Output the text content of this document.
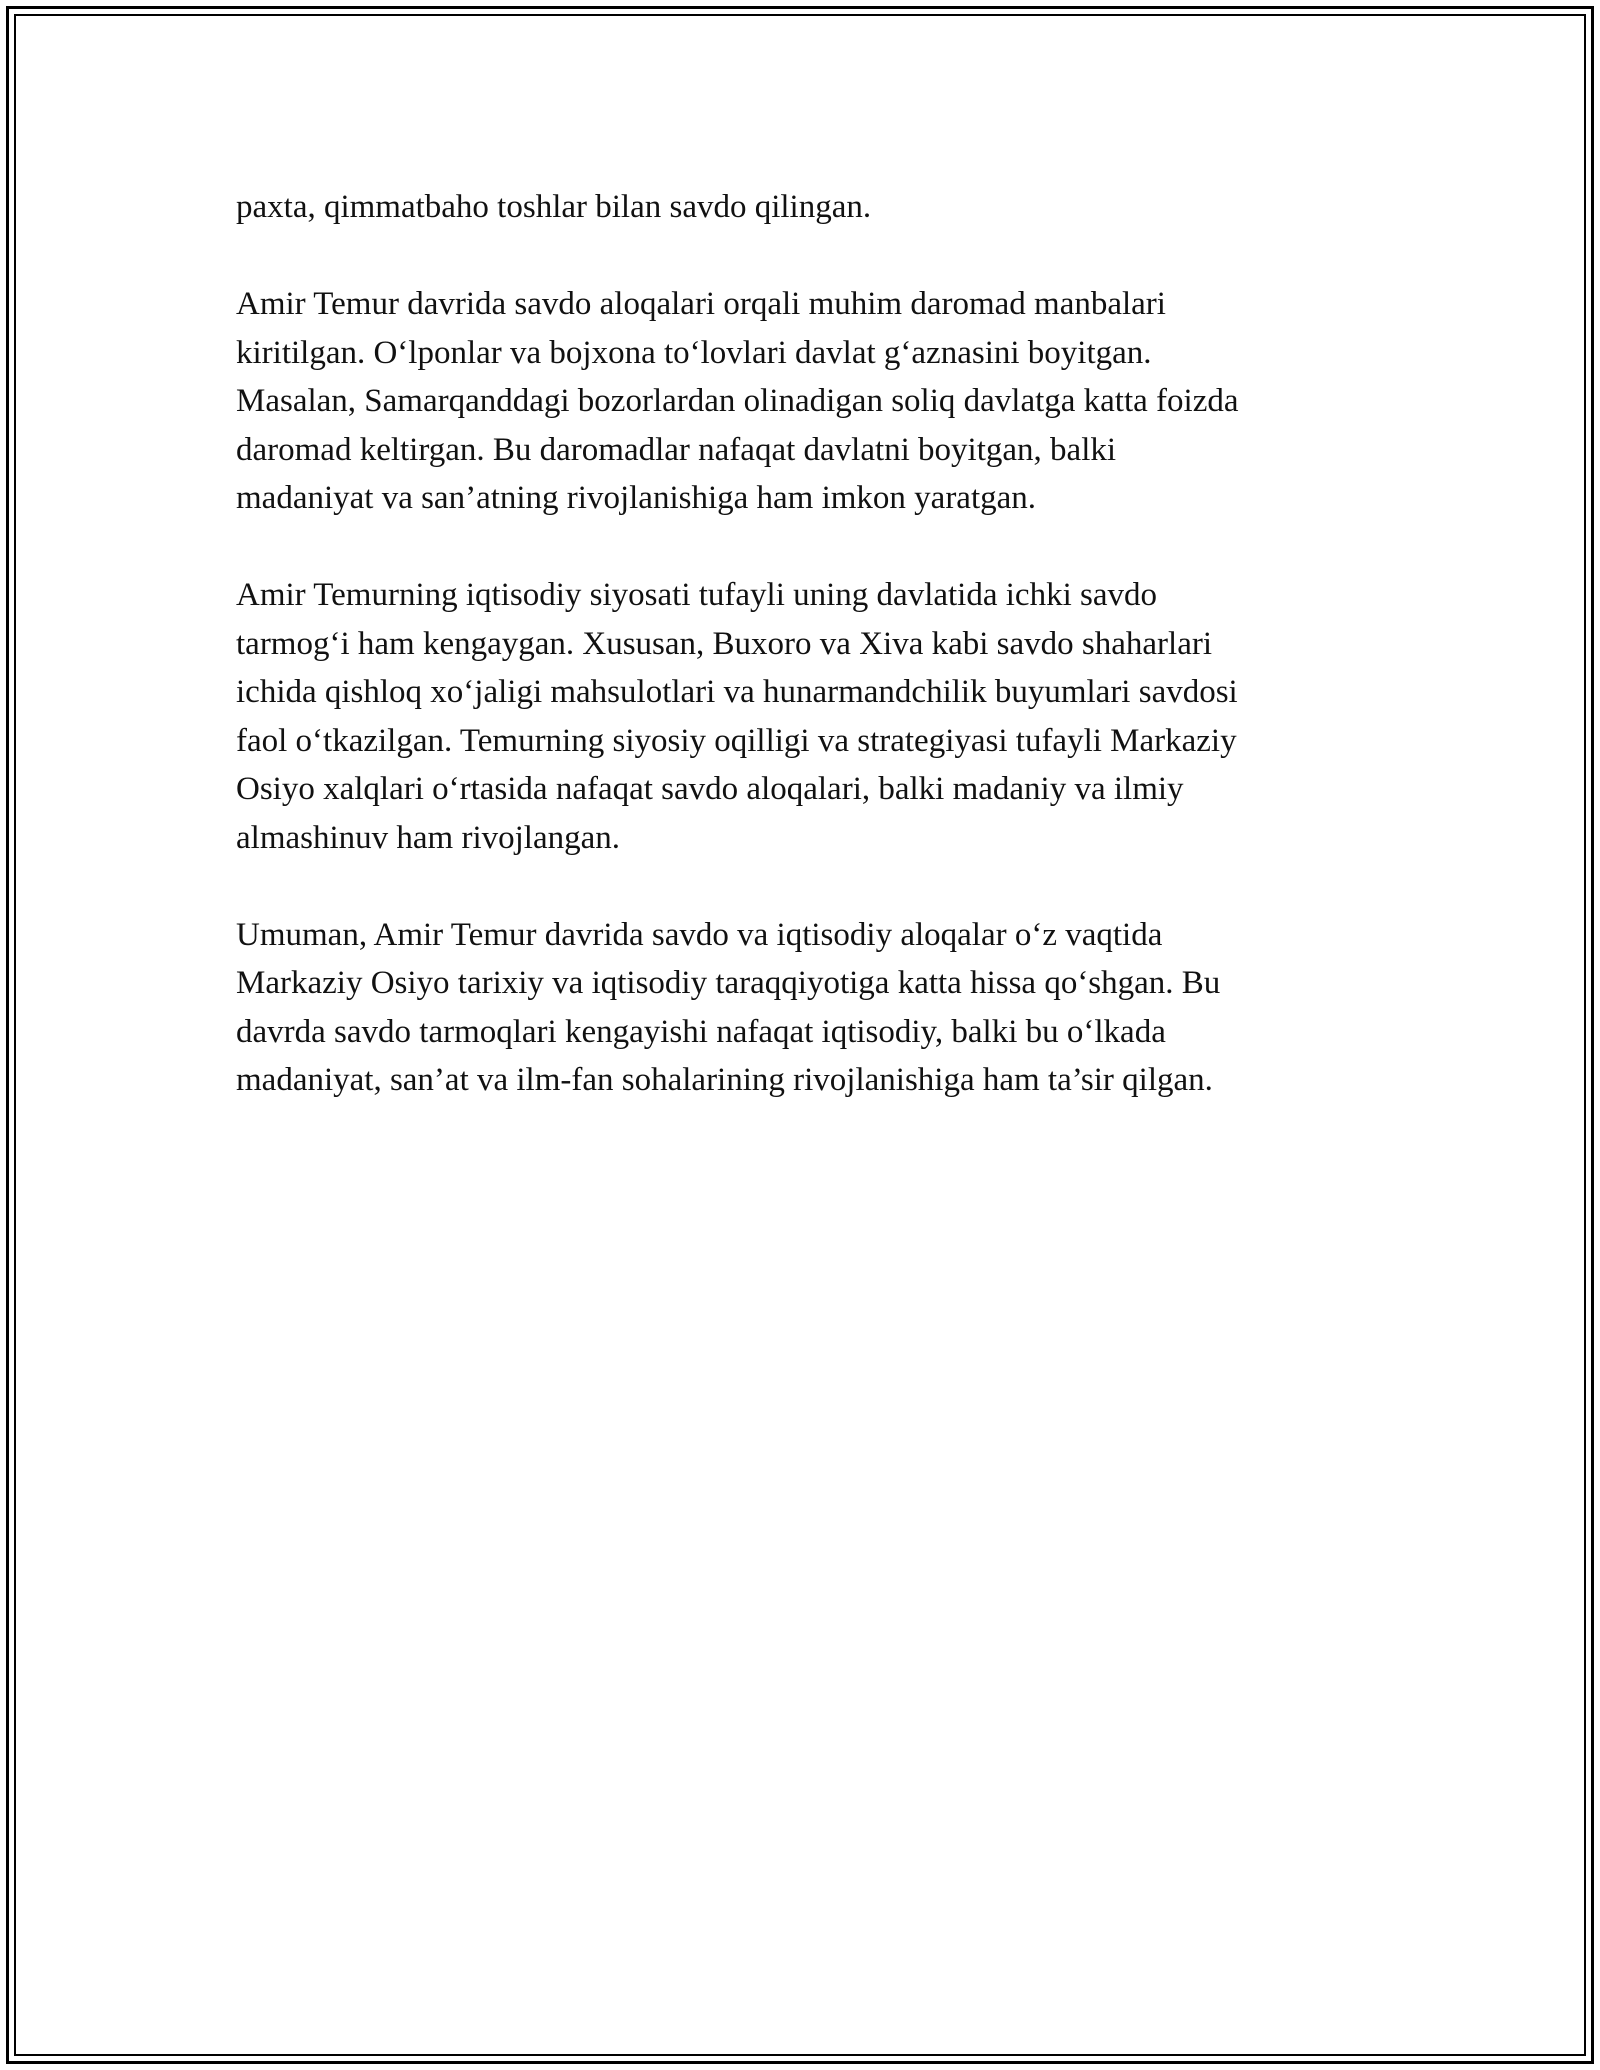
paxta, qimmatbaho toshlar bilan savdo qilingan.

Amir Temur davrida savdo aloqalari orqali muhim daromad manbalari
kiritilgan. O‘lponlar va bojxona to‘lovlari davlat g‘aznasini boyitgan.
Masalan, Samarqanddagi bozorlardan olinadigan soliq davlatga katta foizda
daromad keltirgan. Bu daromadlar nafaqat davlatni boyitgan, balki
madaniyat va san’atning rivojlanishiga ham imkon yaratgan.

Amir Temurning iqtisodiy siyosati tufayli uning davlatida ichki savdo
tarmog‘i ham kengaygan. Xususan, Buxoro va Xiva kabi savdo shaharlari
ichida qishloq xo‘jaligi mahsulotlari va hunarmandchilik buyumlari savdosi
faol o‘tkazilgan. Temurning siyosiy oqilligi va strategiyasi tufayli Markaziy
Osiyo xalqlari o‘rtasida nafaqat savdo aloqalari, balki madaniy va ilmiy
almashinuv ham rivojlangan.

Umuman, Amir Temur davrida savdo va iqtisodiy aloqalar o‘z vaqtida
Markaziy Osiyo tarixiy va iqtisodiy taraqqiyotiga katta hissa qo‘shgan. Bu
davrda savdo tarmoqlari kengayishi nafaqat iqtisodiy, balki bu o‘lkada
madaniyat, san’at va ilm-fan sohalarining rivojlanishiga ham ta’sir qilgan.
